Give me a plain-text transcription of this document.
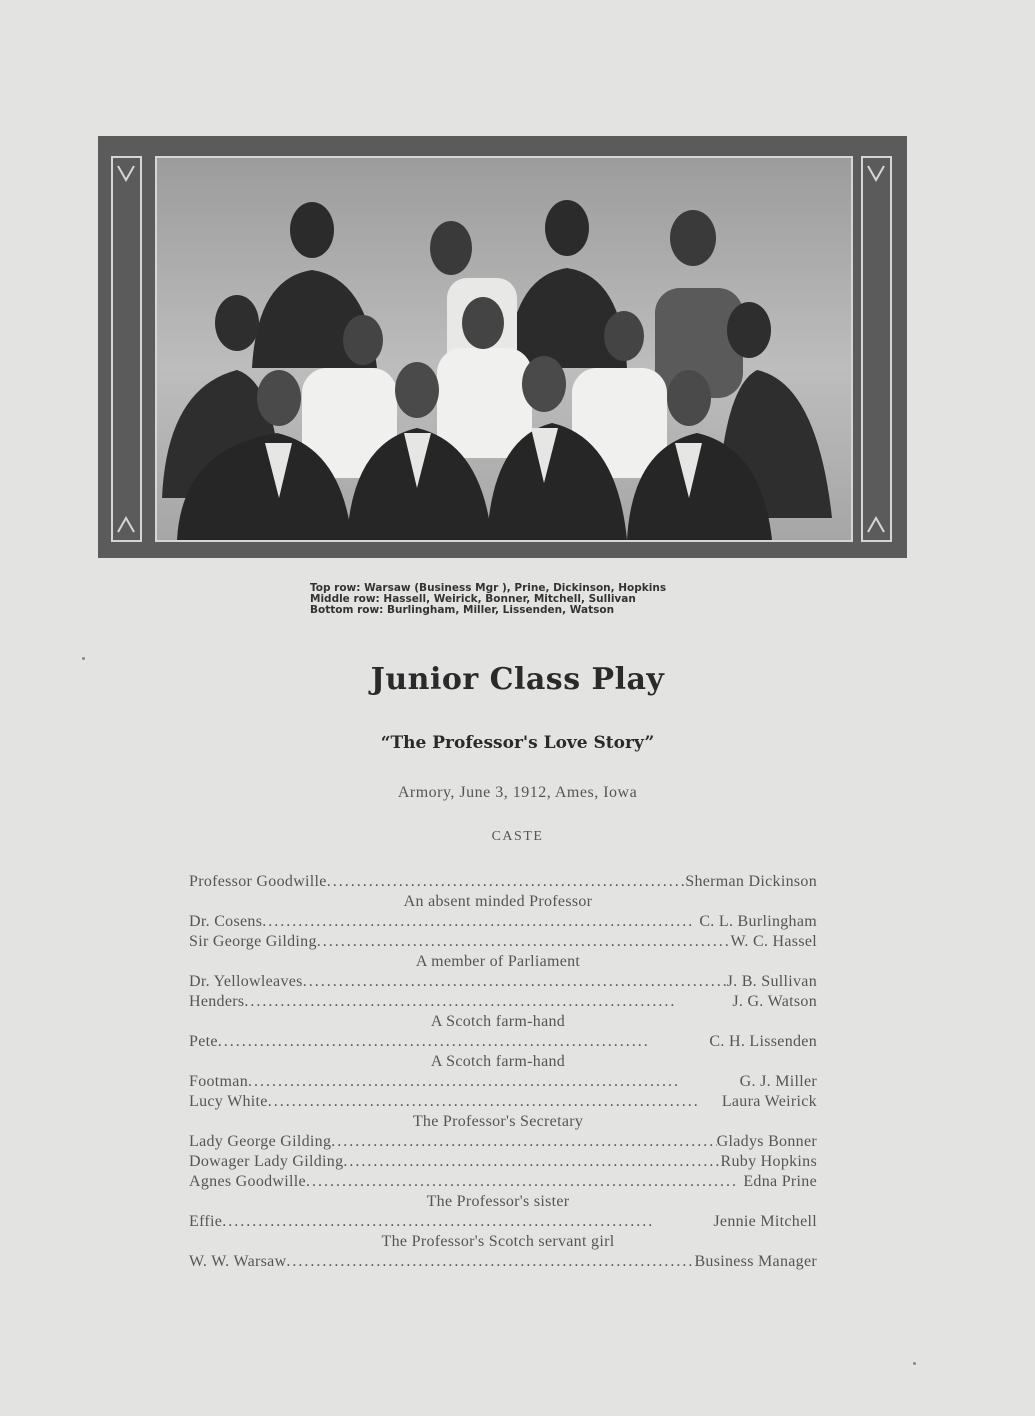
Top row: Warsaw (Business Mgr ), Prine, Dickinson, Hopkins
Middle row: Hassell, Weirick, Bonner, Mitchell, Sullivan
Bottom row: Burlingham, Miller, Lissenden, Watson
Junior Class Play
“The Professor's Love Story”
Armory, June 3, 1912, Ames, Iowa
CASTE
Professor Goodwille . . .	Sherman Dickinson
An absent minded Professor
Dr. Cosens . . .	C. L. Burlingham
Sir George Gilding . . .	W. C. Hassel
A member of Parliament
Dr. Yellowleaves . . .	J. B. Sullivan
Henders . . .	J. G. Watson
A Scotch farm-hand
Pete . . .	C. H. Lissenden
A Scotch farm-hand
Footman . . .	G. J. Miller
Lucy White . . .	Laura Weirick
The Professor's Secretary
Lady George Gilding . . .	Gladys Bonner
Dowager Lady Gilding . . .	Ruby Hopkins
Agnes Goodwille . . .	Edna Prine
The Professor's sister
Effie . . .	Jennie Mitchell
The Professor's Scotch servant girl
W. W. Warsaw . . .	Business Manager
